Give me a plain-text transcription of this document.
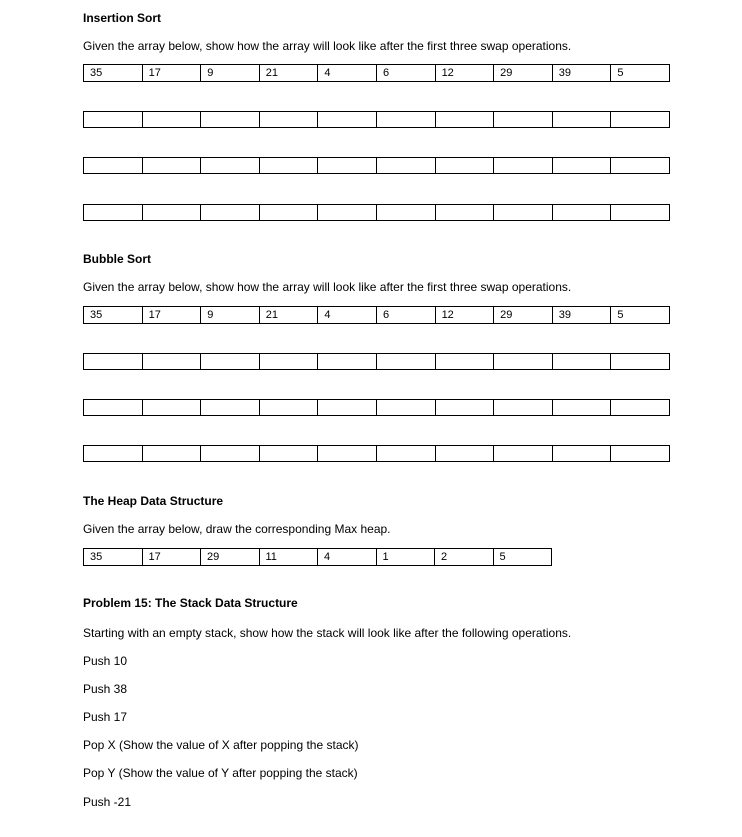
Insertion Sort
Given the array below, show how the array will look like after the first three swap operations.
35	17	9	21	4	6	12	29	39	5

Bubble Sort
Given the array below, show how the array will look like after the first three swap operations.
35	17	9	21	4	6	12	29	39	5

The Heap Data Structure
Given the array below, draw the corresponding Max heap.
35	17	29	11	4	1	2	5
Problem 15: The Stack Data Structure
Starting with an empty stack, show how the stack will look like after the following operations.
Push 10
Push 38
Push 17
Pop X (Show the value of X after popping the stack)
Pop Y (Show the value of Y after popping the stack)
Push -21
